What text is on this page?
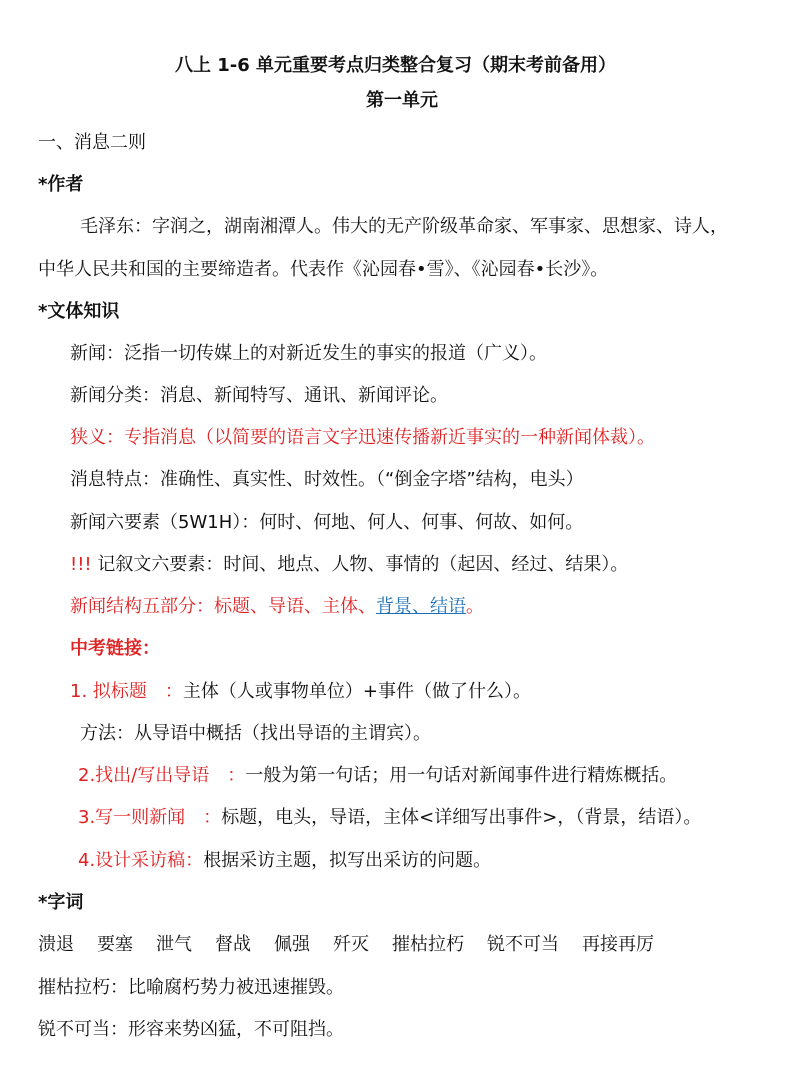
八上 1-6 单元重要考点归类整合复习（期末考前备用）
第一单元
一、消息二则
*作者
毛泽东：字润之，湖南湘潭人。伟大的无产阶级革命家、军事家、思想家、诗人，
中华人民共和国的主要缔造者。代表作《沁园春•雪》、《沁园春•长沙》。
*文体知识
新闻：泛指一切传媒上的对新近发生的事实的报道（广义）。
新闻分类：消息、新闻特写、通讯、新闻评论。
狭义：专指消息（以简要的语言文字迅速传播新近事实的一种新闻体裁）。
消息特点：准确性、真实性、时效性。（“倒金字塔”结构，电头）
新闻六要素（5W1H）：何时、何地、何人、何事、何故、如何。
!!! 记叙文六要素：时间、地点、人物、事情的（起因、经过、结果）。
新闻结构五部分：标题、导语、主体、背景、结语。
中考链接：
1. 拟标题　：主体（人或事物单位）+事件（做了什么）。
方法：从导语中概括（找出导语的主谓宾）。
2.找出/写出导语　：一般为第一句话；用一句话对新闻事件进行精炼概括。
3.写一则新闻　：标题，电头，导语，主体<详细写出事件>，（背景，结语）。
4.设计采访稿：根据采访主题，拟写出采访的问题。
*字词
溃退 要塞 泄气 督战 佩强 歼灭 摧枯拉朽 锐不可当 再接再厉
摧枯拉朽：比喻腐朽势力被迅速摧毁。
锐不可当：形容来势凶猛，不可阻挡。
